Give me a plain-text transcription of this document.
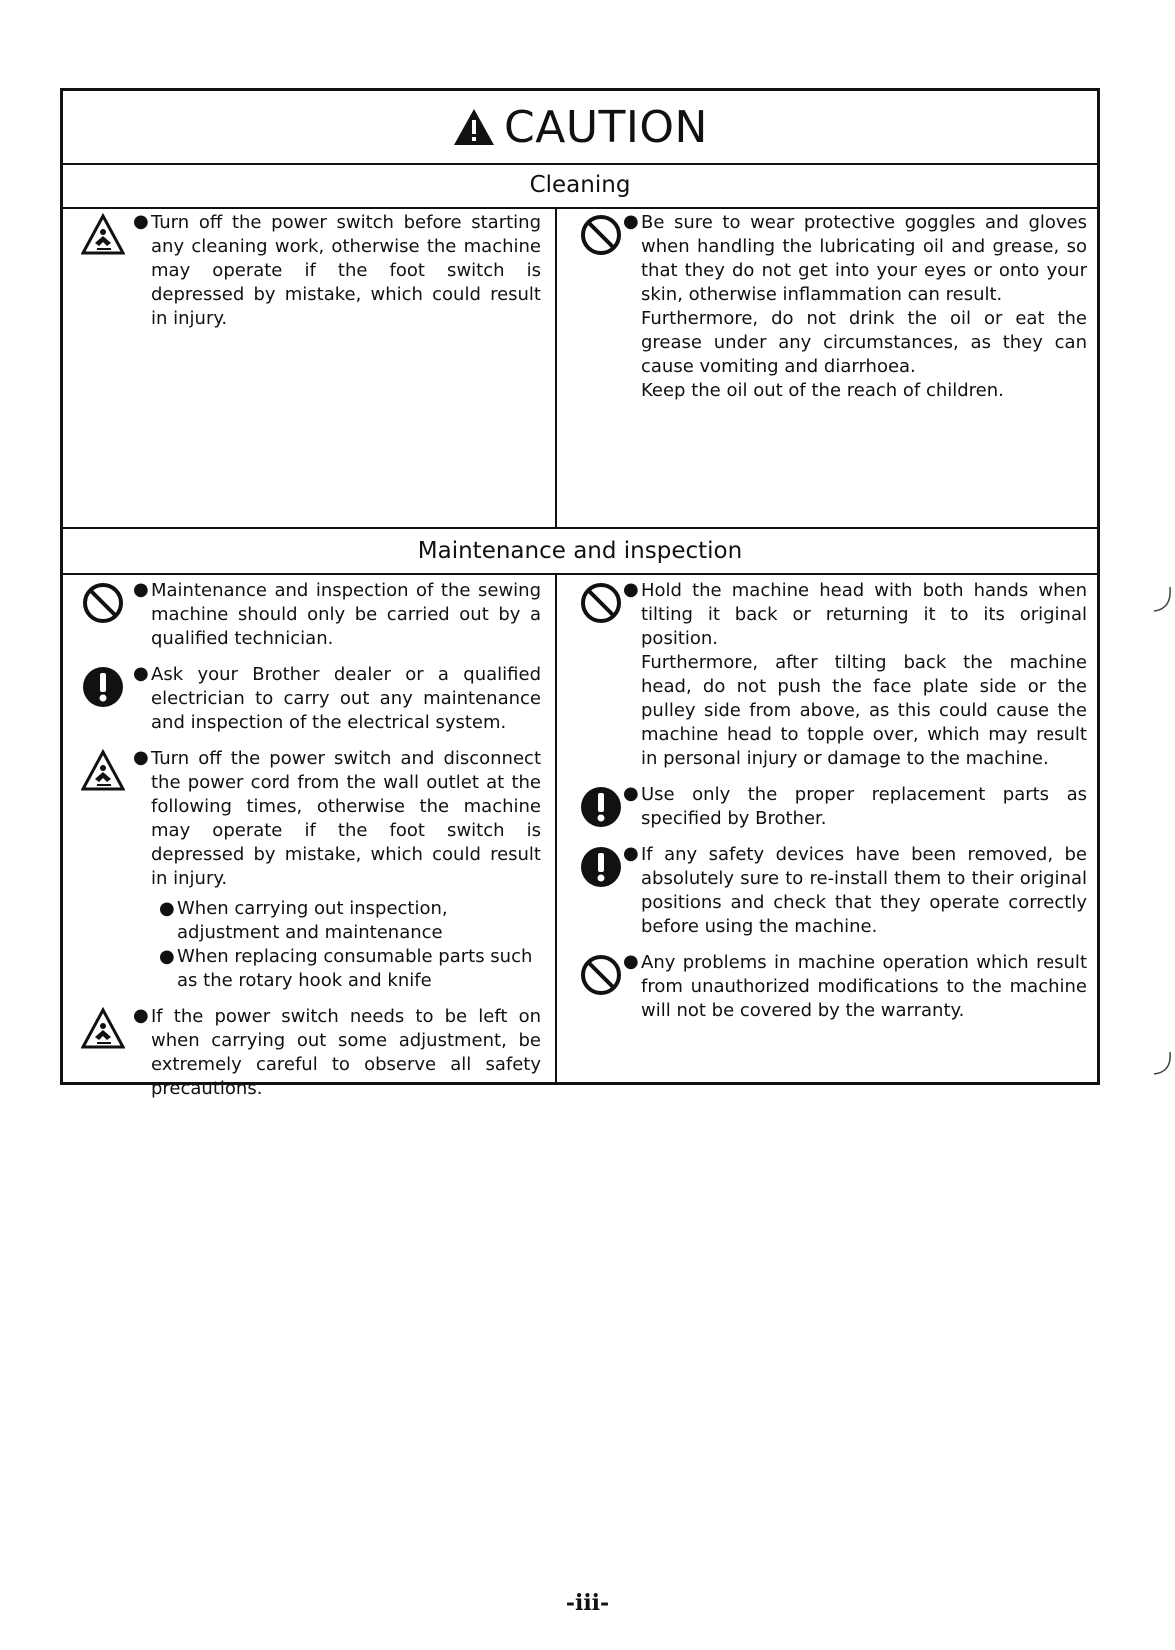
CAUTION
Cleaning
● Turn off the power switch before starting any cleaning work, otherwise the machine may operate if the foot switch is depressed by mistake, which could result in injury.

● Be sure to wear protective goggles and gloves when handling the lubricating oil and grease, so that they do not get into your eyes or onto your skin, otherwise inflammation can result.

Furthermore, do not drink the oil or eat the grease under any circumstances, as they can cause vomiting and diarrhoea.

Keep the oil out of the reach of children.

Maintenance and inspection
● Maintenance and inspection of the sewing machine should only be carried out by a qualified technician.

● Ask your Brother dealer or a qualified electrician to carry out any maintenance and inspection of the electrical system.

● Turn off the power switch and disconnect the power cord from the wall outlet at the following times, otherwise the machine may operate if the foot switch is depressed by mistake, which could result in injury.

● When carrying out inspection, adjustment and maintenance
● When replacing consumable parts such as the rotary hook and knife
● If the power switch needs to be left on when carrying out some adjustment, be extremely careful to observe all safety precautions.

● Hold the machine head with both hands when tilting it back or returning it to its original position.

Furthermore, after tilting back the machine head, do not push the face plate side or the pulley side from above, as this could cause the machine head to topple over, which may result in personal injury or damage to the machine.

● Use only the proper replacement parts as specified by Brother.

● If any safety devices have been removed, be absolutely sure to re-install them to their original positions and check that they operate correctly before using the machine.

● Any problems in machine operation which result from unauthorized modifications to the machine will not be covered by the warranty.

-iii-
